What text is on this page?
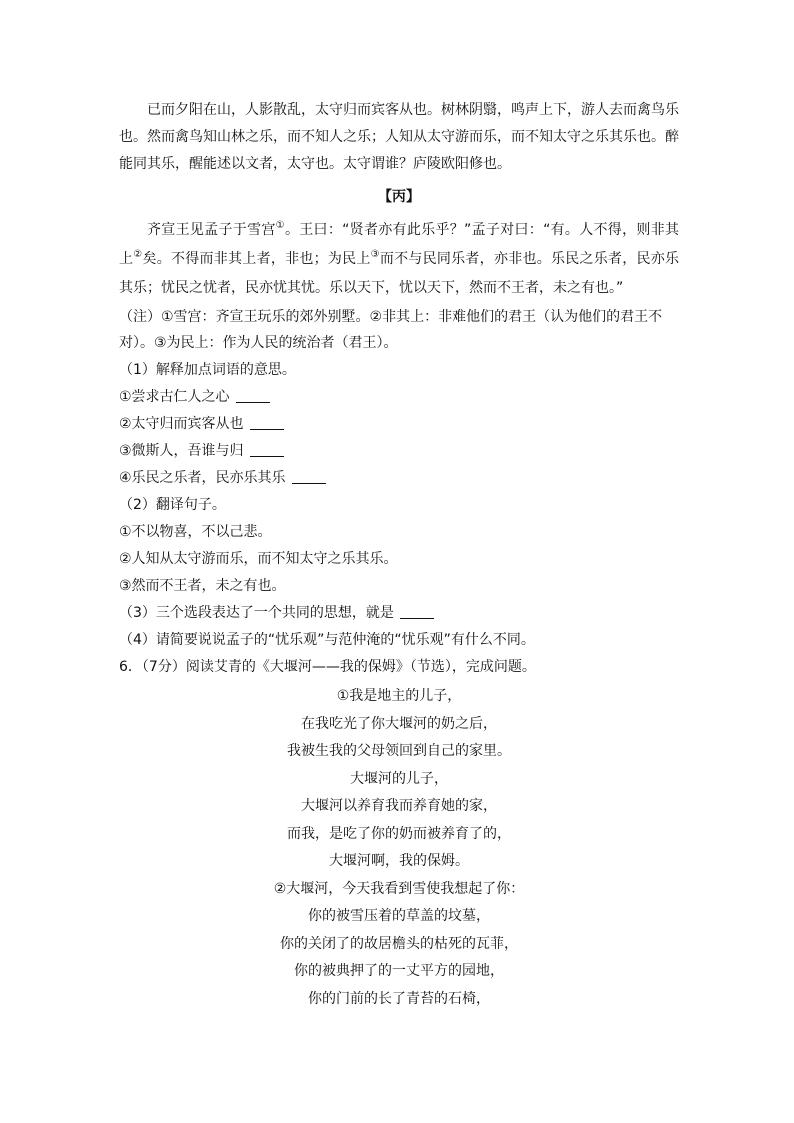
已而夕阳在山，人影散乱，太守归而宾客从也。树林阴翳，鸣声上下，游人去而禽鸟乐也。然而禽鸟知山林之乐，而不知人之乐；人知从太守游而乐，而不知太守之乐其乐也。醉能同其乐，醒能述以文者，太守也。太守谓谁？庐陵欧阳修也。

【丙】

齐宣王见孟子于雪宫①。王曰：“贤者亦有此乐乎？”孟子对曰：“有。人不得，则非其上②矣。不得而非其上者，非也；为民上③而不与民同乐者，亦非也。乐民之乐者，民亦乐其乐；忧民之忧者，民亦忧其忧。乐以天下，忧以天下，然而不王者，未之有也。”

（注）①雪宫：齐宣王玩乐的郊外别墅。②非其上：非难他们的君王（认为他们的君王不对）。③为民上：作为人民的统治者（君王）。
（1）解释加点词语的意思。
①尝求古仁人之心
②太守归而宾客从也
③微斯人，吾谁与归
④乐民之乐者，民亦乐其乐
（2）翻译句子。
①不以物喜，不以己悲。
②人知从太守游而乐，而不知太守之乐其乐。
③然而不王者，未之有也。
（3）三个选段表达了一个共同的思想，就是
（4）请简要说说孟子的“忧乐观”与范仲淹的“忧乐观”有什么不同。
6．（7分）阅读艾青的《大堰河——我的保姆》（节选），完成问题。
①我是地主的儿子，
在我吃光了你大堰河的奶之后，
我被生我的父母领回到自己的家里。
大堰河的儿子，
大堰河以养育我而养育她的家，
而我，是吃了你的奶而被养育了的，
大堰河啊，我的保姆。
②大堰河，今天我看到雪使我想起了你：
你的被雪压着的草盖的坟墓，
你的关闭了的故居檐头的枯死的瓦菲，
你的被典押了的一丈平方的园地，
你的门前的长了青苔的石椅，
